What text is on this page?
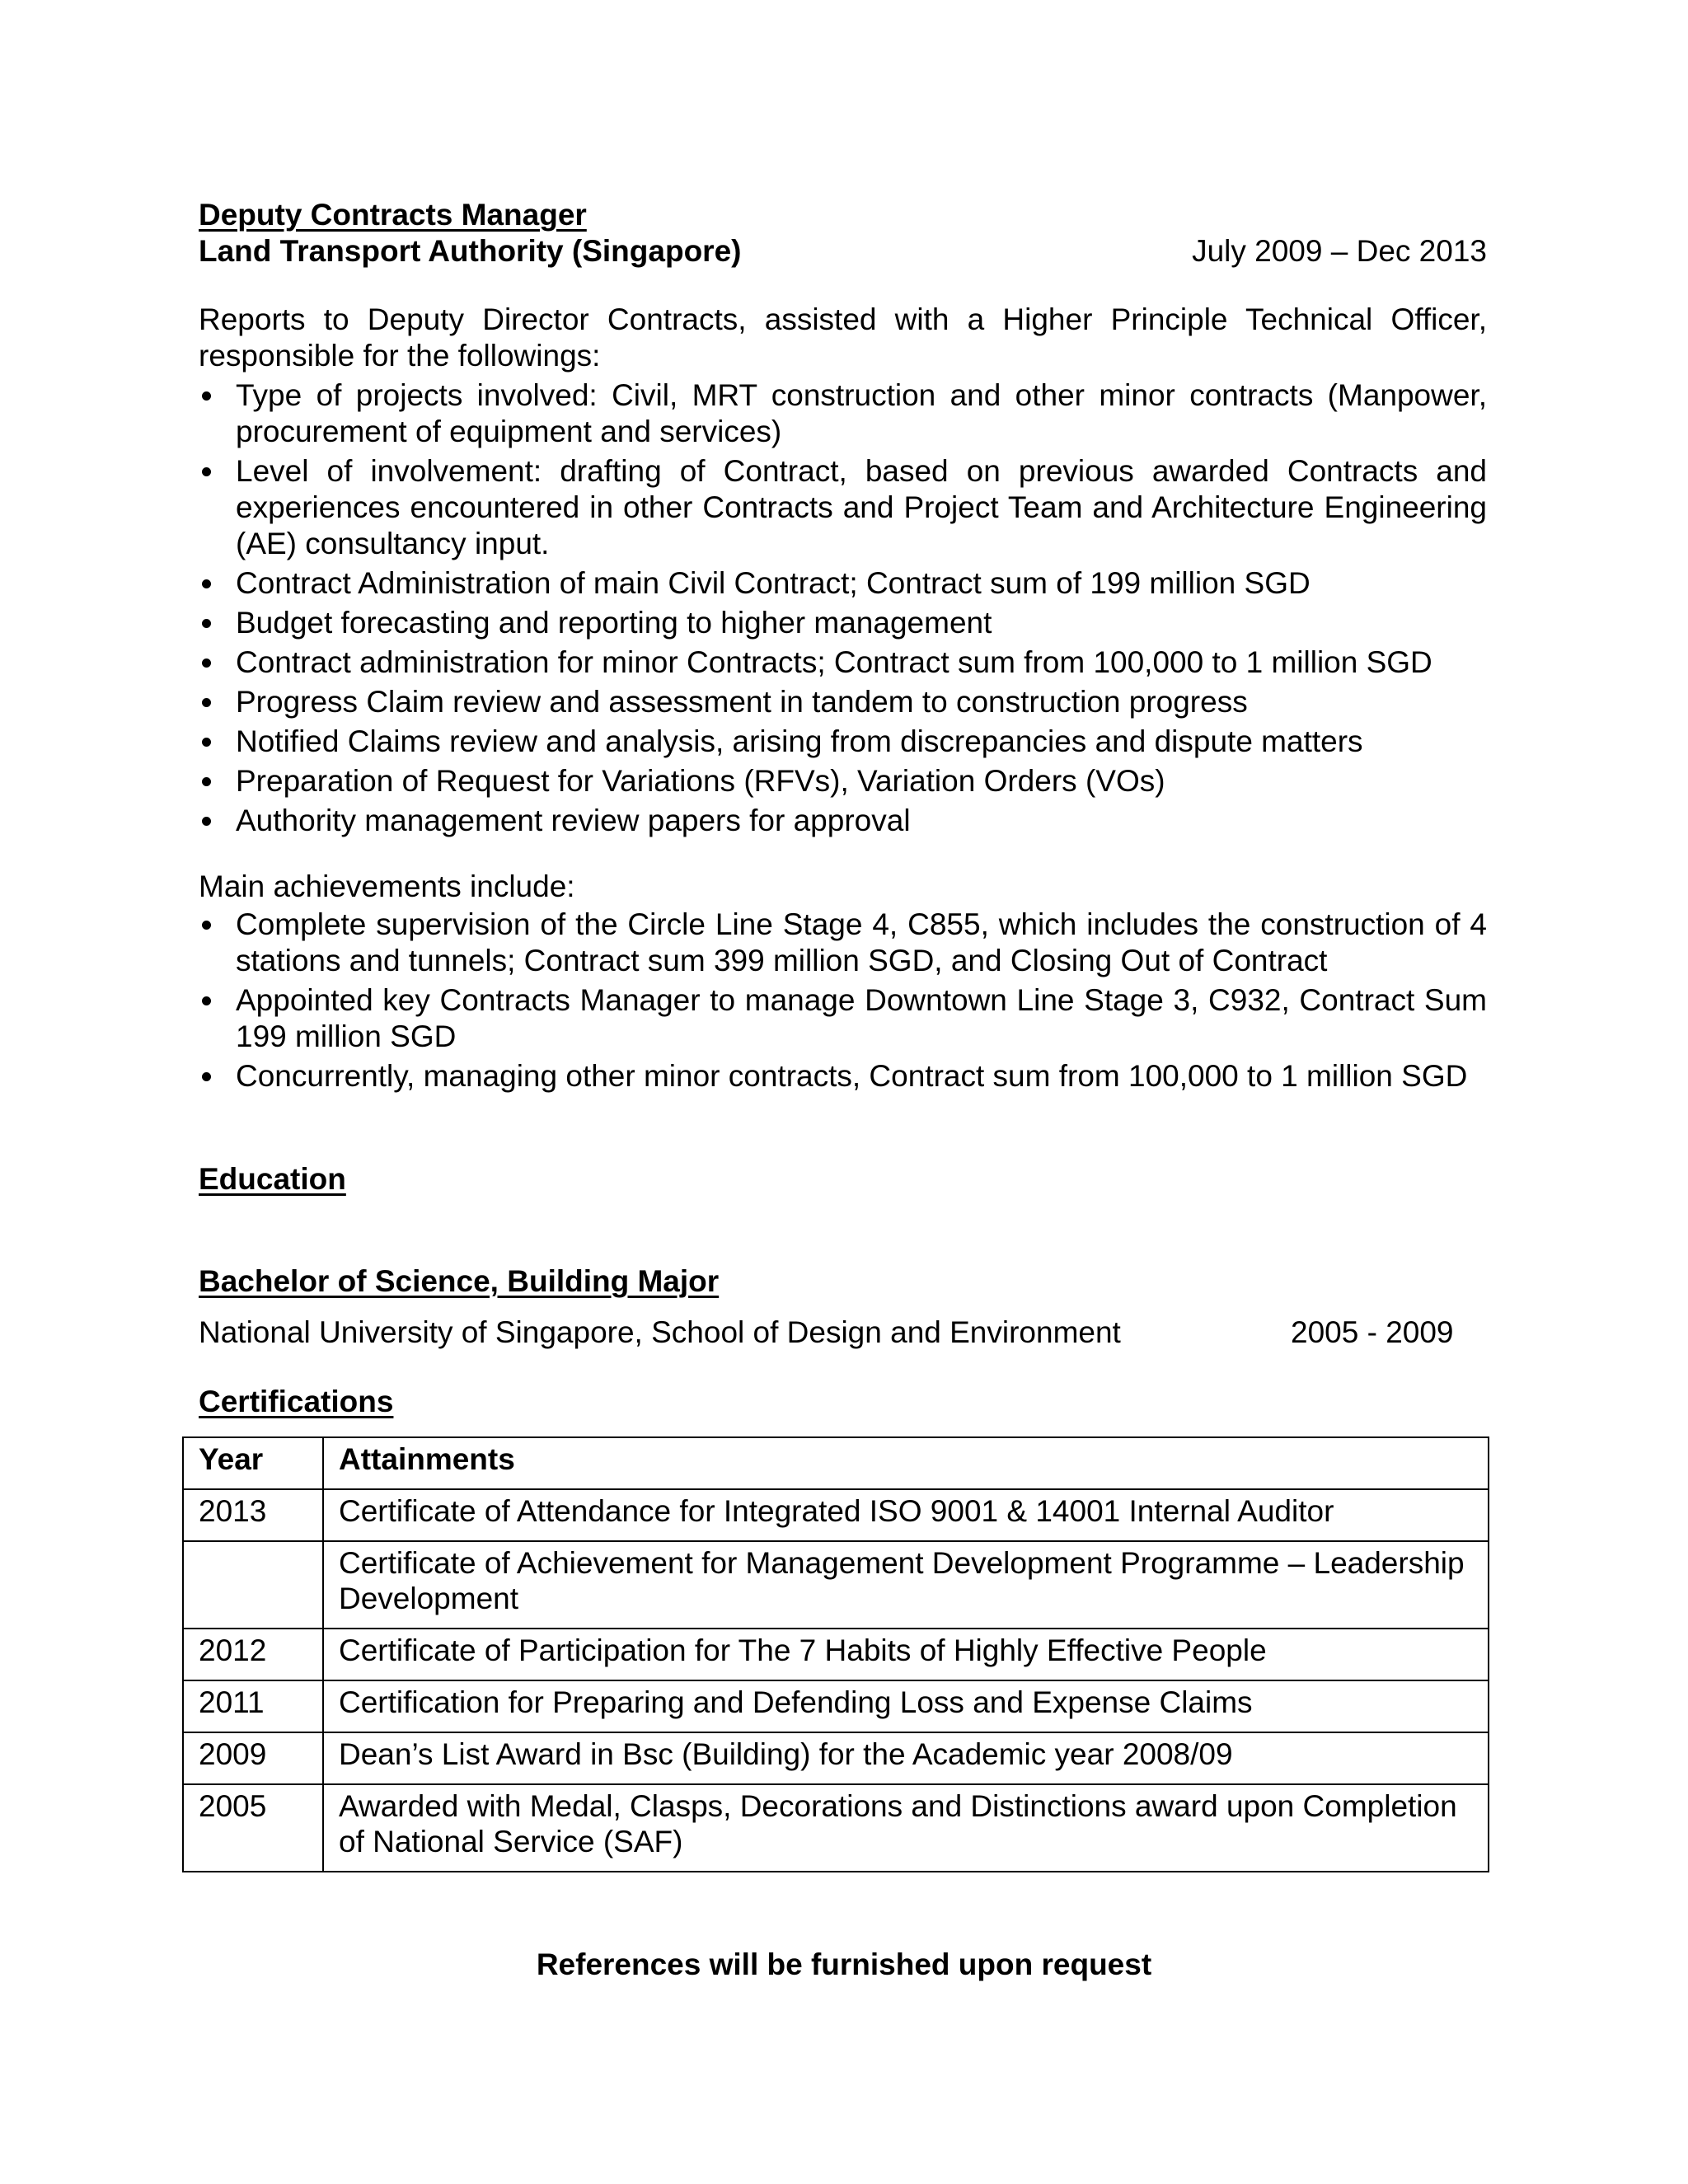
Deputy Contracts Manager
Land Transport Authority (Singapore)	July 2009 – Dec 2013
Reports to Deputy Director Contracts, assisted with a Higher Principle Technical Officer, responsible for the followings:
Type of projects involved: Civil, MRT construction and other minor contracts (Manpower, procurement of equipment and services)
Level of involvement: drafting of Contract, based on previous awarded Contracts and experiences encountered in other Contracts and Project Team and Architecture Engineering (AE) consultancy input.
Contract Administration of main Civil Contract; Contract sum of 199 million SGD
Budget forecasting and reporting to higher management
Contract administration for minor Contracts; Contract sum from 100,000 to 1 million SGD
Progress Claim review and assessment in tandem to construction progress
Notified Claims review and analysis, arising from discrepancies and dispute matters
Preparation of Request for Variations (RFVs), Variation Orders (VOs)
Authority management review papers for approval
Main achievements include:
Complete supervision of the Circle Line Stage 4, C855, which includes the construction of 4 stations and tunnels; Contract sum 399 million SGD, and Closing Out of Contract
Appointed key Contracts Manager to manage Downtown Line Stage 3, C932, Contract Sum 199 million SGD
Concurrently, managing other minor contracts, Contract sum from 100,000 to 1 million SGD
Education
Bachelor of Science, Building Major
National University of Singapore, School of Design and Environment	2005 - 2009
Certifications
Year	Attainments
2013	Certificate of Attendance for Integrated ISO 9001 & 14001 Internal Auditor
	Certificate of Achievement for Management Development Programme – Leadership Development
2012	Certificate of Participation for The 7 Habits of Highly Effective People
2011	Certification for Preparing and Defending Loss and Expense Claims
2009	Dean’s List Award in Bsc (Building) for the Academic year 2008/09
2005	Awarded with Medal, Clasps, Decorations and Distinctions award upon Completion of National Service (SAF)
References will be furnished upon request
